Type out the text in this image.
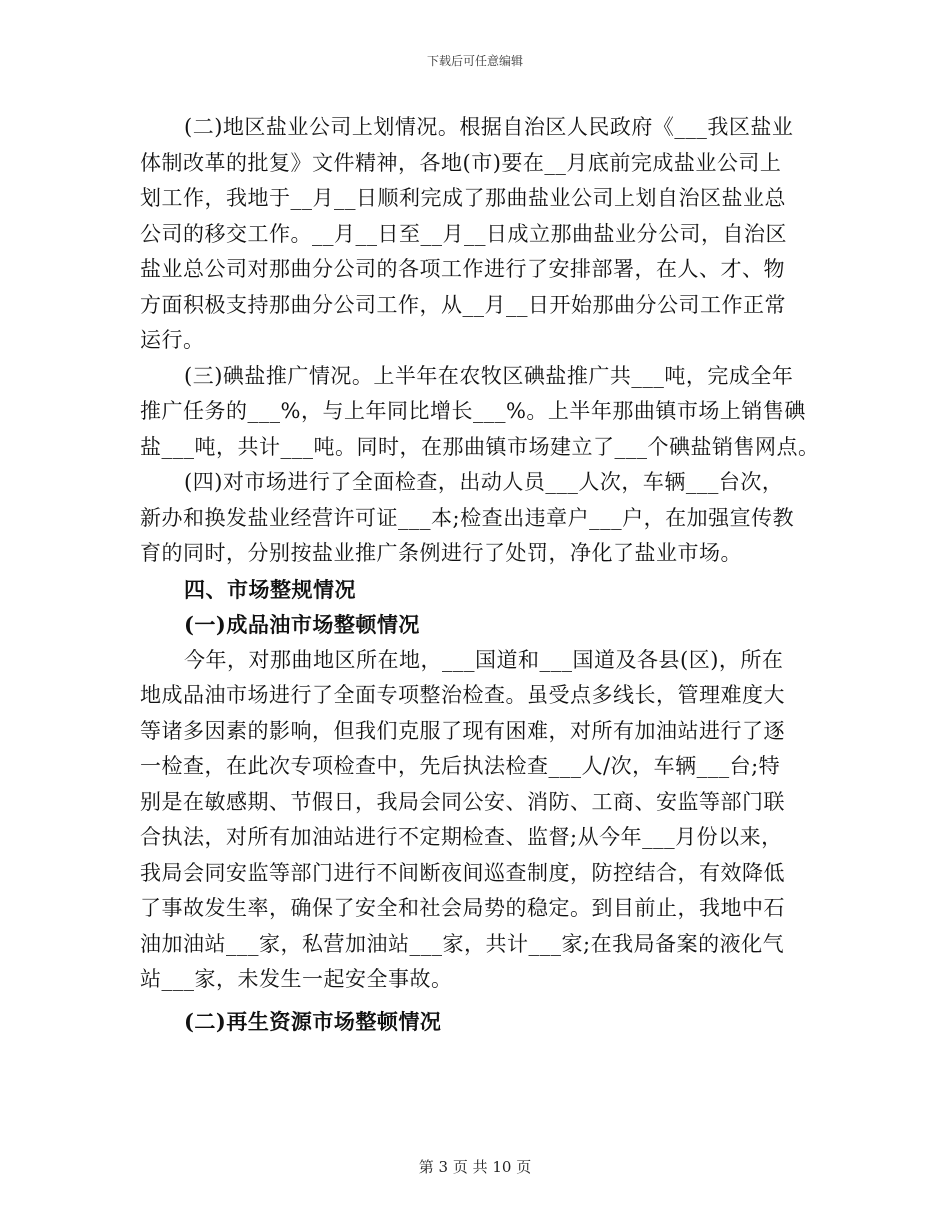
下载后可任意编辑
(二)地区盐业公司上划情况。根据自治区人民政府《___我区盐业
体制改革的批复》文件精神，各地(市)要在__月底前完成盐业公司上
划工作，我地于__月__日顺利完成了那曲盐业公司上划自治区盐业总
公司的移交工作。__月__日至__月__日成立那曲盐业分公司，自治区
盐业总公司对那曲分公司的各项工作进行了安排部署，在人、才、物
方面积极支持那曲分公司工作，从__月__日开始那曲分公司工作正常
运行。
(三)碘盐推广情况。上半年在农牧区碘盐推广共___吨，完成全年
推广任务的___%，与上年同比增长___%。上半年那曲镇市场上销售碘
盐___吨，共计___吨。同时，在那曲镇市场建立了___个碘盐销售网点。
(四)对市场进行了全面检查，出动人员___人次，车辆___台次，
新办和换发盐业经营许可证___本;检查出违章户___户，在加强宣传教
育的同时，分别按盐业推广条例进行了处罚，净化了盐业市场。
四、市场整规情况
(一)成品油市场整顿情况
今年，对那曲地区所在地，___国道和___国道及各县(区)，所在
地成品油市场进行了全面专项整治检查。虽受点多线长，管理难度大
等诸多因素的影响，但我们克服了现有困难，对所有加油站进行了逐
一检查，在此次专项检查中，先后执法检查___人/次，车辆___台;特
别是在敏感期、节假日，我局会同公安、消防、工商、安监等部门联
合执法，对所有加油站进行不定期检查、监督;从今年___月份以来，
我局会同安监等部门进行不间断夜间巡查制度，防控结合，有效降低
了事故发生率，确保了安全和社会局势的稳定。到目前止，我地中石
油加油站___家，私营加油站___家，共计___家;在我局备案的液化气
站___家，未发生一起安全事故。
(二)再生资源市场整顿情况
第 3 页 共 10 页
